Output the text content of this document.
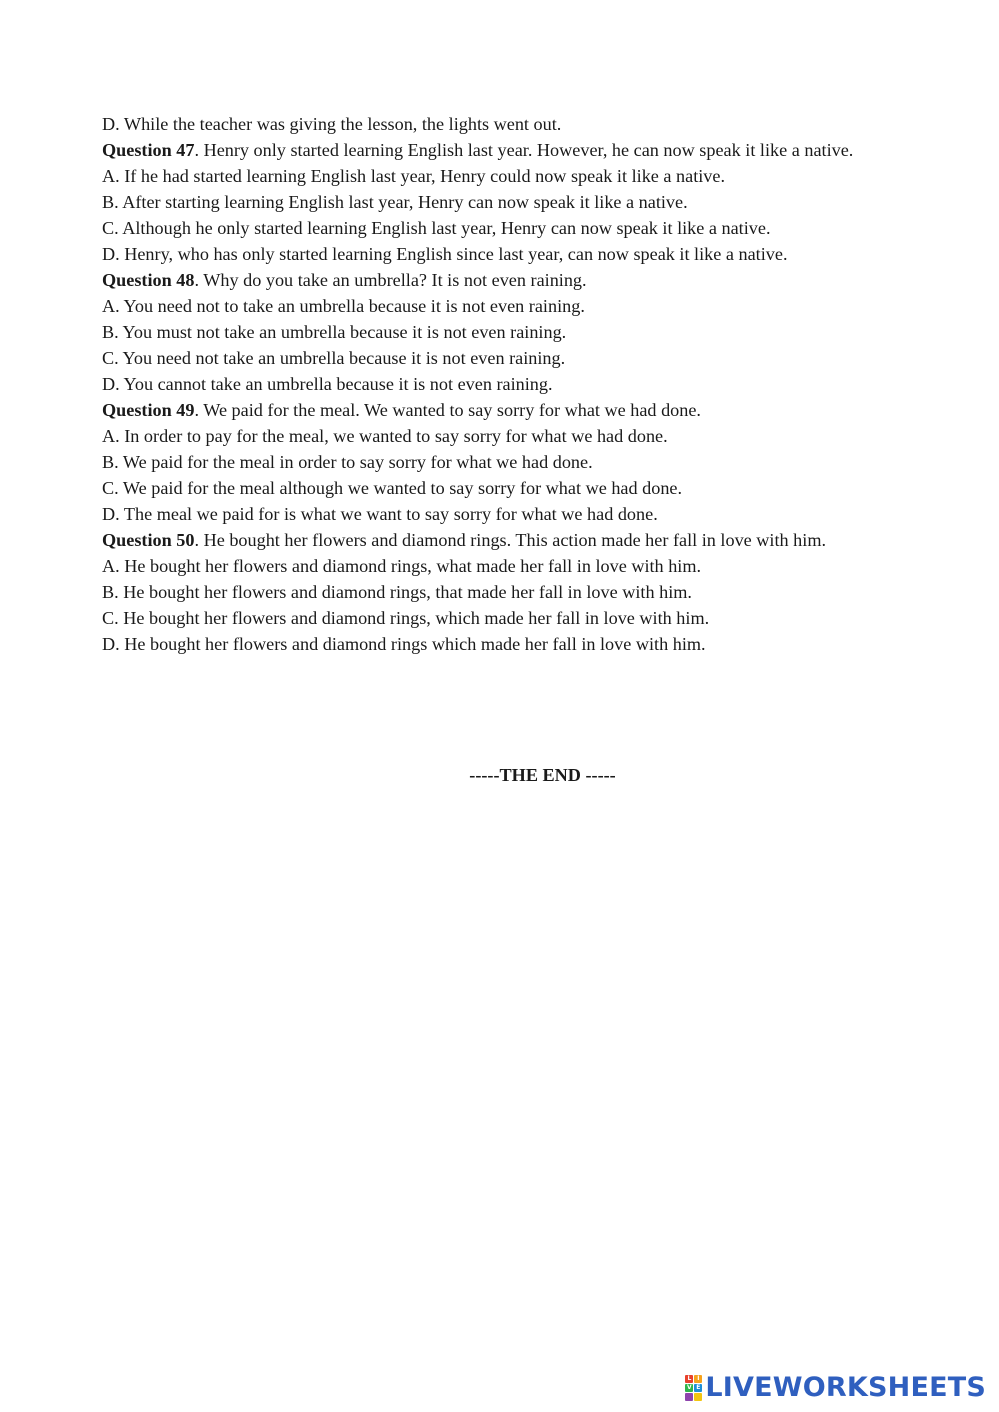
D. While the teacher was giving the lesson, the lights went out.

Question 47. Henry only started learning English last year. However, he can now speak it like a native.

A. If he had started learning English last year, Henry could now speak it like a native.

B. After starting learning English last year, Henry can now speak it like a native.

C. Although he only started learning English last year, Henry can now speak it like a native.

D. Henry, who has only started learning English since last year, can now speak it like a native.

Question 48. Why do you take an umbrella? It is not even raining.

A. You need not to take an umbrella because it is not even raining.

B. You must not take an umbrella because it is not even raining.

C. You need not take an umbrella because it is not even raining.

D. You cannot take an umbrella because it is not even raining.

Question 49. We paid for the meal. We wanted to say sorry for what we had done.

A. In order to pay for the meal, we wanted to say sorry for what we had done.

B. We paid for the meal in order to say sorry for what we had done.

C. We paid for the meal although we wanted to say sorry for what we had done.

D. The meal we paid for is what we want to say sorry for what we had done.

Question 50. He bought her flowers and diamond rings. This action made her fall in love with him.

A. He bought her flowers and diamond rings, what made her fall in love with him.

B. He bought her flowers and diamond rings, that made her fall in love with him.

C. He bought her flowers and diamond rings, which made her fall in love with him.

D. He bought her flowers and diamond rings which made her fall in love with him.

-----THE END -----
L I
V E LIVEWORKSHEETS
